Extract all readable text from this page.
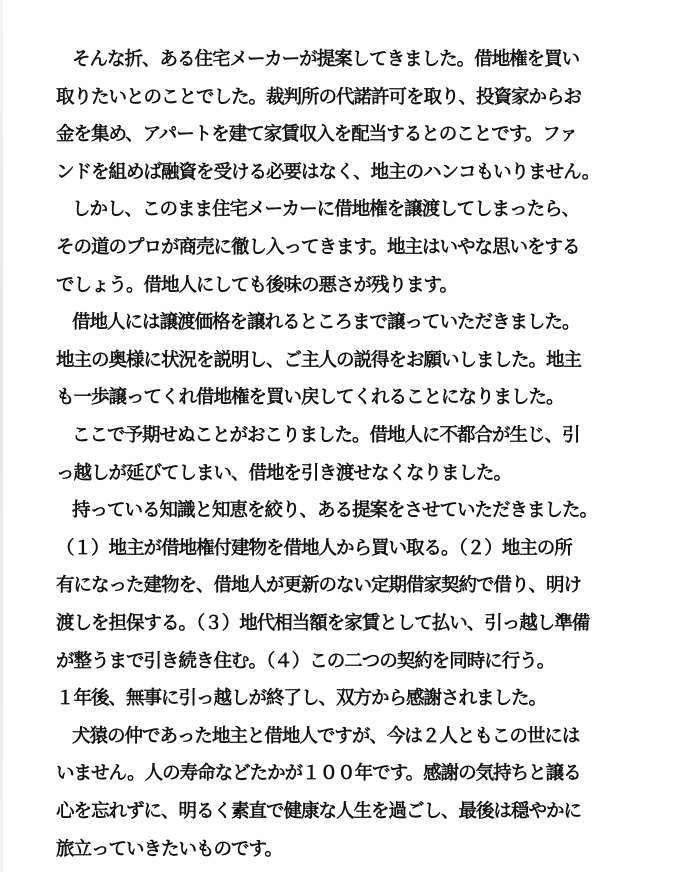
そんな折、ある住宅メーカーが提案してきました。借地権を買い
取りたいとのことでした。裁判所の代諾許可を取り、投資家からお
金を集め、アパートを建て家賃収入を配当するとのことです。ファ
ンドを組めば融資を受ける必要はなく、地主のハンコもいりません。
しかし、このまま住宅メーカーに借地権を譲渡してしまったら、
その道のプロが商売に徹し入ってきます。地主はいやな思いをする
でしょう。借地人にしても後味の悪さが残ります。
借地人には譲渡価格を譲れるところまで譲っていただきました。
地主の奥様に状況を説明し、ご主人の説得をお願いしました。地主
も一歩譲ってくれ借地権を買い戻してくれることになりました。
ここで予期せぬことがおこりました。借地人に不都合が生じ、引
っ越しが延びてしまい、借地を引き渡せなくなりました。
持っている知識と知恵を絞り、ある提案をさせていただきました。
（１）地主が借地権付建物を借地人から買い取る。（２）地主の所
有になった建物を、借地人が更新のない定期借家契約で借り、明け
渡しを担保する。（３）地代相当額を家賃として払い、引っ越し準備
が整うまで引き続き住む。（４）この二つの契約を同時に行う。
１年後、無事に引っ越しが終了し、双方から感謝されました。
犬猿の仲であった地主と借地人ですが、今は２人ともこの世には
いません。人の寿命などたかが１００年です。感謝の気持ちと譲る
心を忘れずに、明るく素直で健康な人生を過ごし、最後は穏やかに
旅立っていきたいものです。
